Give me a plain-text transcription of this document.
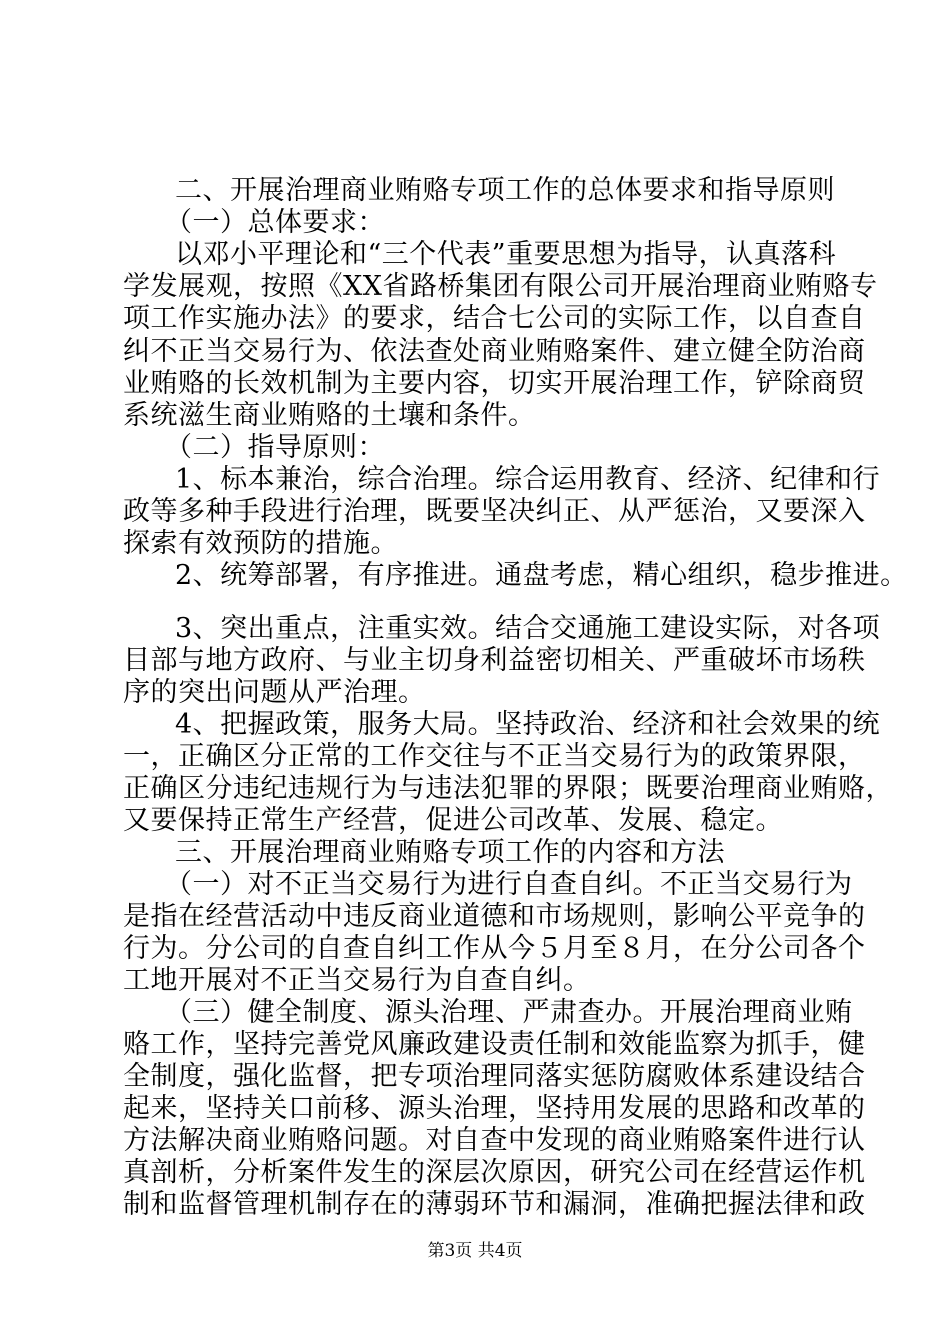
二、开展治理商业贿赂专项工作的总体要求和指导原则
（一）总体要求：
以邓小平理论和“三个代表”重要思想为指导，认真落科
学发展观，按照《XX省路桥集团有限公司开展治理商业贿赂专
项工作实施办法》的要求，结合七公司的实际工作，以自查自
纠不正当交易行为、依法查处商业贿赂案件、建立健全防治商
业贿赂的长效机制为主要内容，切实开展治理工作，铲除商贸
系统滋生商业贿赂的土壤和条件。
（二）指导原则：
1、标本兼治，综合治理。综合运用教育、经济、纪律和行
政等多种手段进行治理，既要坚决纠正、从严惩治，又要深入
探索有效预防的措施。
2、统筹部署，有序推进。通盘考虑，精心组织，稳步推进。
3、突出重点，注重实效。结合交通施工建设实际，对各项
目部与地方政府、与业主切身利益密切相关、严重破坏市场秩
序的突出问题从严治理。
4、把握政策，服务大局。坚持政治、经济和社会效果的统
一，正确区分正常的工作交往与不正当交易行为的政策界限，
正确区分违纪违规行为与违法犯罪的界限；既要治理商业贿赂，
又要保持正常生产经营，促进公司改革、发展、稳定。
三、开展治理商业贿赂专项工作的内容和方法
（一）对不正当交易行为进行自查自纠。不正当交易行为
是指在经营活动中违反商业道德和市场规则，影响公平竞争的
行为。分公司的自查自纠工作从今５月至８月，在分公司各个
工地开展对不正当交易行为自查自纠。
（三）健全制度、源头治理、严肃查办。开展治理商业贿
赂工作，坚持完善党风廉政建设责任制和效能监察为抓手，健
全制度，强化监督，把专项治理同落实惩防腐败体系建设结合
起来，坚持关口前移、源头治理，坚持用发展的思路和改革的
方法解决商业贿赂问题。对自查中发现的商业贿赂案件进行认
真剖析，分析案件发生的深层次原因，研究公司在经营运作机
制和监督管理机制存在的薄弱环节和漏洞，准确把握法律和政
第3页 共4页
